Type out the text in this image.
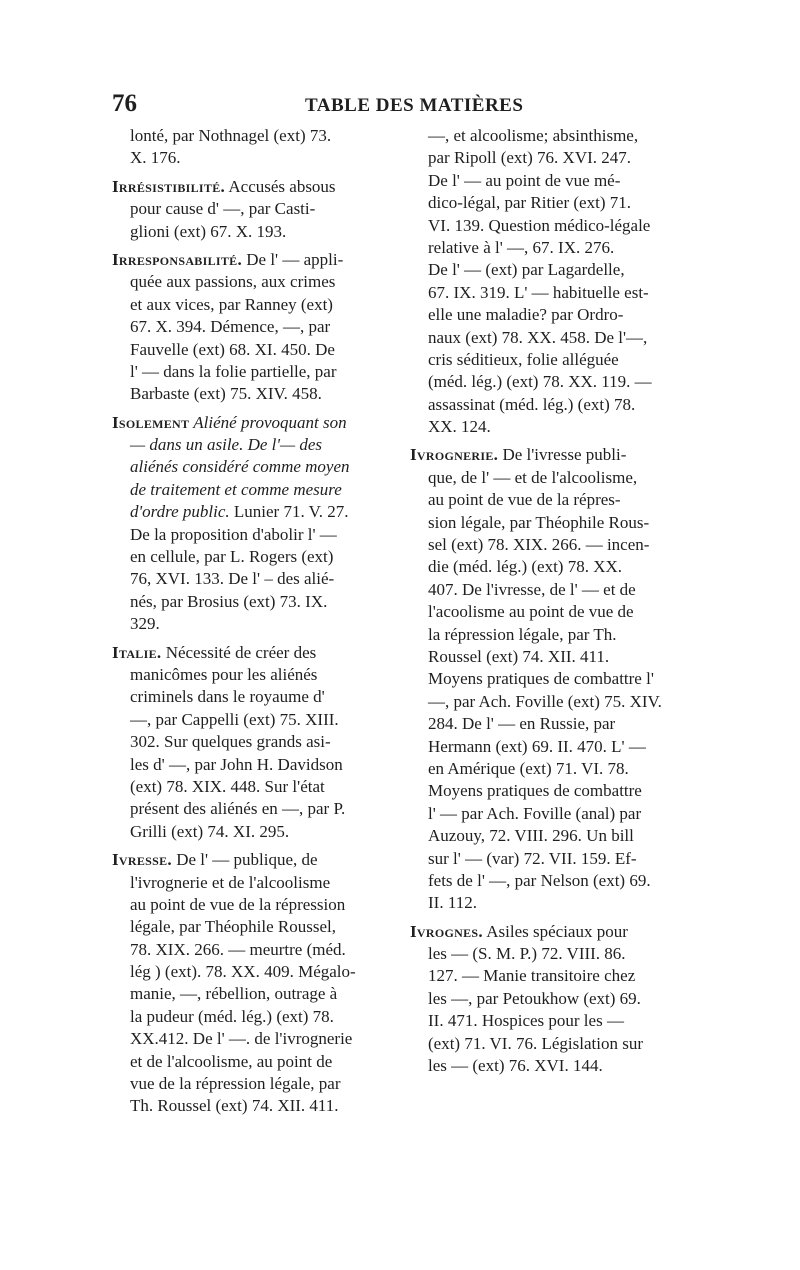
76	TABLE DES MATIÈRES
lonté, par Nothnagel (ext) 73.
X. 176.
Irrésistibilité. Accusés absous
pour cause d' —, par Casti-
glioni (ext) 67. X. 193.
Irresponsabilité. De l' — appli-
quée aux passions, aux crimes
et aux vices, par Ranney (ext)
67. X. 394. Démence, —, par
Fauvelle (ext) 68. XI. 450. De
l' — dans la folie partielle, par
Barbaste (ext) 75. XIV. 458.
Isolement Aliéné provoquant son
— dans un asile. De l'— des
aliénés considéré comme moyen
de traitement et comme mesure
d'ordre public. Lunier 71. V. 27.
De la proposition d'abolir l' —
en cellule, par L. Rogers (ext)
76, XVI. 133. De l' – des alié-
nés, par Brosius (ext) 73. IX.
329.
Italie. Nécessité de créer des
manicômes pour les aliénés
criminels dans le royaume d'
—, par Cappelli (ext) 75. XIII.
302. Sur quelques grands asi-
les d' —, par John H. Davidson
(ext) 78. XIX. 448. Sur l'état
présent des aliénés en —, par P.
Grilli (ext) 74. XI. 295.
Ivresse. De l' — publique, de
l'ivrognerie et de l'alcoolisme
au point de vue de la répression
légale, par Théophile Roussel,
78. XIX. 266. — meurtre (méd.
lég ) (ext). 78. XX. 409. Mégalo-
manie, —, rébellion, outrage à
la pudeur (méd. lég.) (ext) 78.
XX.412. De l' —. de l'ivrognerie
et de l'alcoolisme, au point de
vue de la répression légale, par
Th. Roussel (ext) 74. XII. 411.
—, et alcoolisme; absinthisme,
par Ripoll (ext) 76. XVI. 247.
De l' — au point de vue mé-
dico-légal, par Ritier (ext) 71.
VI. 139. Question médico-légale
relative à l' —, 67. IX. 276.
De l' — (ext) par Lagardelle,
67. IX. 319. L' — habituelle est-
elle une maladie? par Ordro-
naux (ext) 78. XX. 458. De l'—,
cris séditieux, folie alléguée
(méd. lég.) (ext) 78. XX. 119. —
assassinat (méd. lég.) (ext) 78.
XX. 124.
Ivrognerie. De l'ivresse publi-
que, de l' — et de l'alcoolisme,
au point de vue de la répres-
sion légale, par Théophile Rous-
sel (ext) 78. XIX. 266. — incen-
die (méd. lég.) (ext) 78. XX.
407. De l'ivresse, de l' — et de
l'acoolisme au point de vue de
la répression légale, par Th.
Roussel (ext) 74. XII. 411.
Moyens pratiques de combattre l'
—, par Ach. Foville (ext) 75. XIV.
284. De l' — en Russie, par
Hermann (ext) 69. II. 470. L' —
en Amérique (ext) 71. VI. 78.
Moyens pratiques de combattre
l' — par Ach. Foville (anal) par
Auzouy, 72. VIII. 296. Un bill
sur l' — (var) 72. VII. 159. Ef-
fets de l' —, par Nelson (ext) 69.
II. 112.
Ivrognes. Asiles spéciaux pour
les — (S. M. P.) 72. VIII. 86.
127. — Manie transitoire chez
les —, par Petoukhow (ext) 69.
II. 471. Hospices pour les —
(ext) 71. VI. 76. Législation sur
les — (ext) 76. XVI. 144.
